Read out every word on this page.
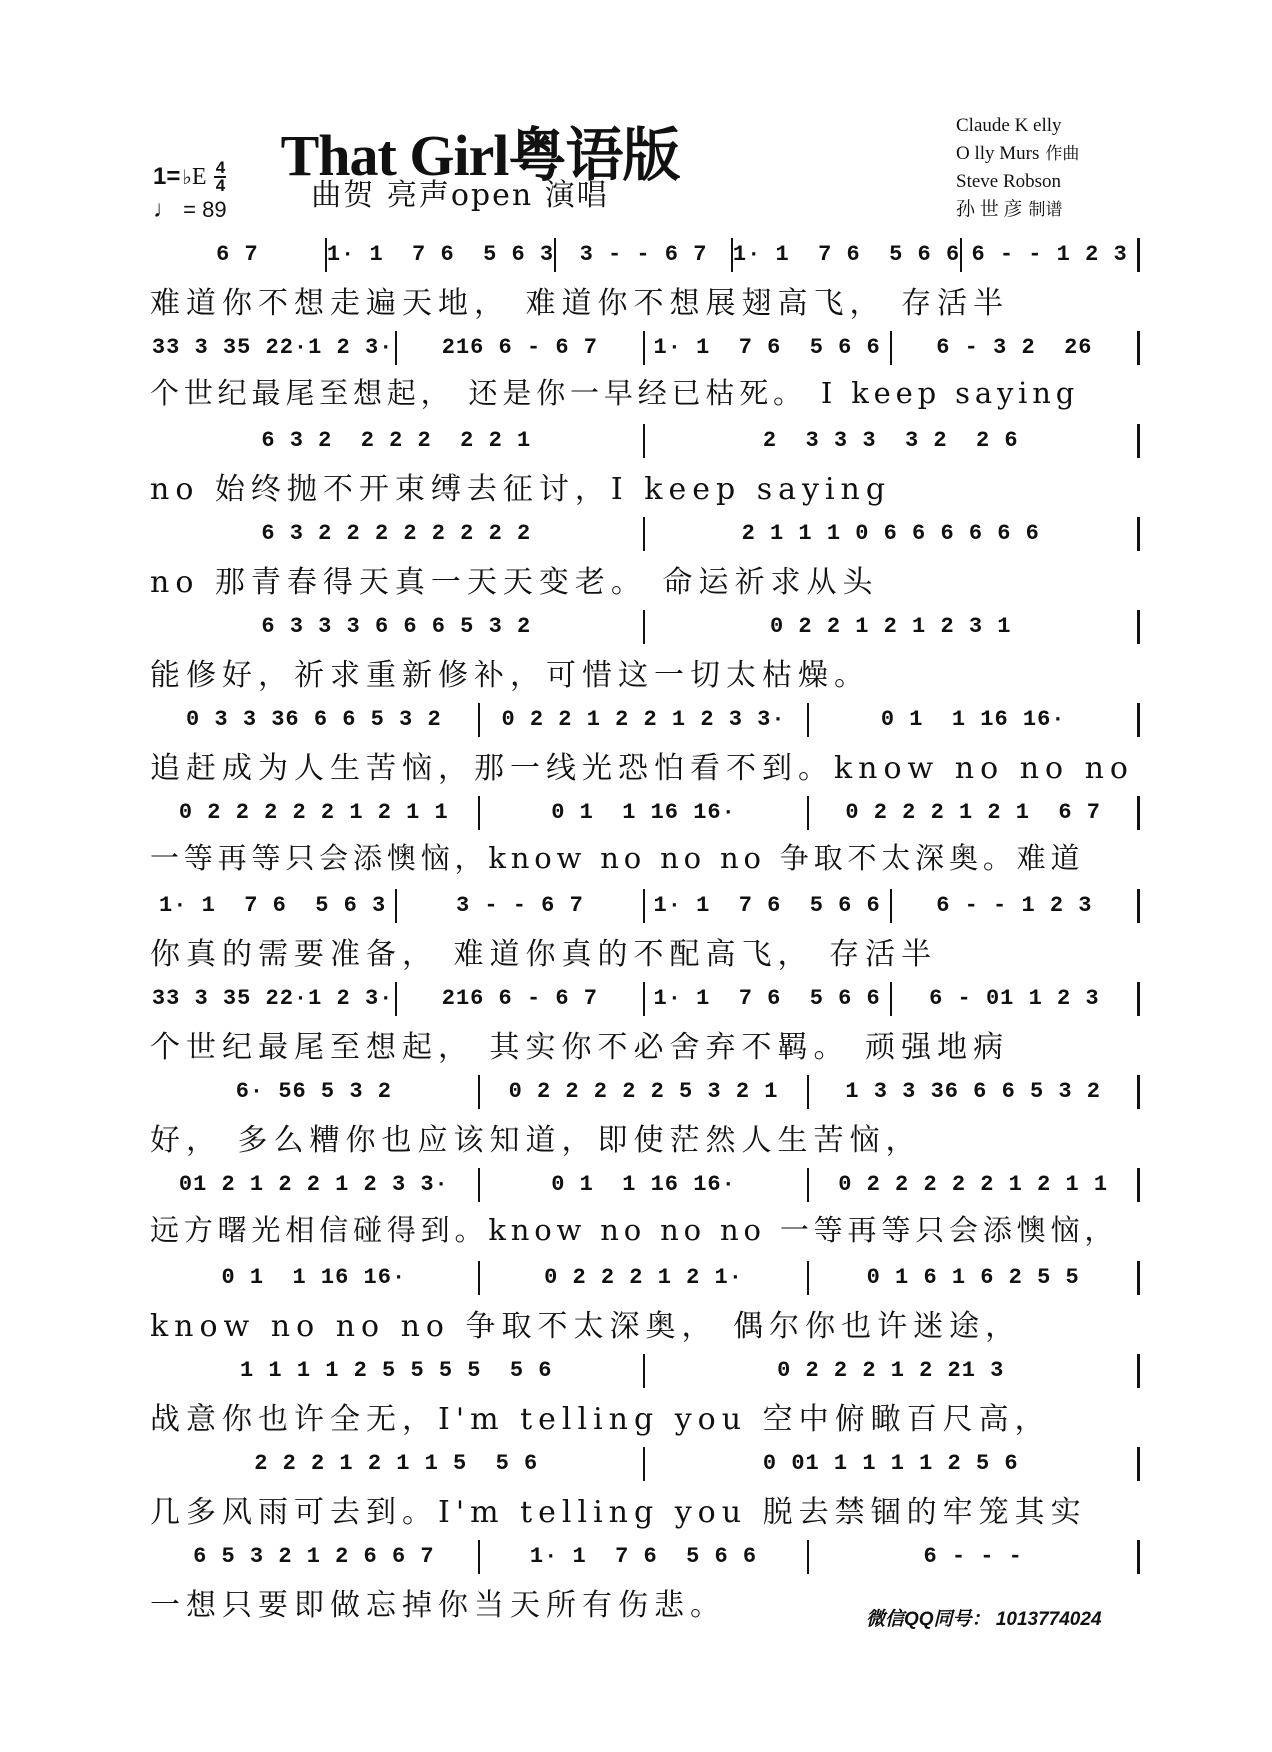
That Girl粤语版
曲贺 亮声open 演唱
1= ♭ E $\frac{4}{4}$
♩ = 89
Claude K elly
O lly Murs 作曲
Steve Robson
孙 世 彦 制谱
6 7	1· 1  7 6  5 6 3	3 - - 6 7	1· 1  7 6  5 6 6 6 - - 1 2 3
难道你不想走遍天地， 难道你不想展翅高飞， 存活半
33 3 35 22·1 2 3·	216 6 - 6 7	1· 1  7 6  5 6 6	6 - 3 2  26
个世纪最尾至想起， 还是你一早经已枯死。 I keep saying
6 3 2  2 2 2  2 2 1	2  3 3 3  3 2  2 6
no 始终抛不开束缚去征讨，I keep saying
6 3 2 2 2 2 2 2 2 2	2 1 1 1 0 6 6 6 6 6 6
no 那青春得天真一天天变老。 命运祈求从头
6 3 3 3 6 6 6 5 3 2	0 2 2 1 2 1 2 3 1
能修好，祈求重新修补，可惜这一切太枯燥。
0 3 3 36 6 6 5 3 2	0 2 2 1 2 2 1 2 3 3·	0 1  1 16 16·
追赶成为人生苦恼，那一线光恐怕看不到。know no no no
0 2 2 2 2 2 1 2 1 1	0 1  1 16 16·	0 2 2 2 1 2 1  6 7
一等再等只会添懊恼，know no no no 争取不太深奥。难道
1· 1  7 6  5 6 3	3 - - 6 7	1· 1  7 6  5 6 6	6 - - 1 2 3
你真的需要准备， 难道你真的不配高飞， 存活半
33 3 35 22·1 2 3·	216 6 - 6 7	1· 1  7 6  5 6 6	6 - 01 1 2 3
个世纪最尾至想起， 其实你不必舍弃不羁。 顽强地病
6· 56 5 3 2	0 2 2 2 2 2 5 3 2 1	1 3 3 36 6 6 5 3 2
好， 多么糟你也应该知道，即使茫然人生苦恼，
01 2 1 2 2 1 2 3 3·	0 1  1 16 16·	0 2 2 2 2 2 1 2 1 1
远方曙光相信碰得到。know no no no 一等再等只会添懊恼，
0 1  1 16 16·	0 2 2 2 1 2 1·	0 1 6 1 6 2 5 5
know no no no 争取不太深奥， 偶尔你也许迷途，
1 1 1 1 2 5 5 5 5  5 6	0 2 2 2 1 2 21 3
战意你也许全无，I'm telling you 空中俯瞰百尺高，
2 2 2 1 2 1 1 5  5 6	0 01 1 1 1 1 2 5 6
几多风雨可去到。I'm telling you 脱去禁锢的牢笼其实
6 5 3 2 1 2 6 6 7	1· 1  7 6  5 6 6	6 - - -
一想只要即做忘掉你当天所有伤悲。	微信QQ同号： 1013774024
